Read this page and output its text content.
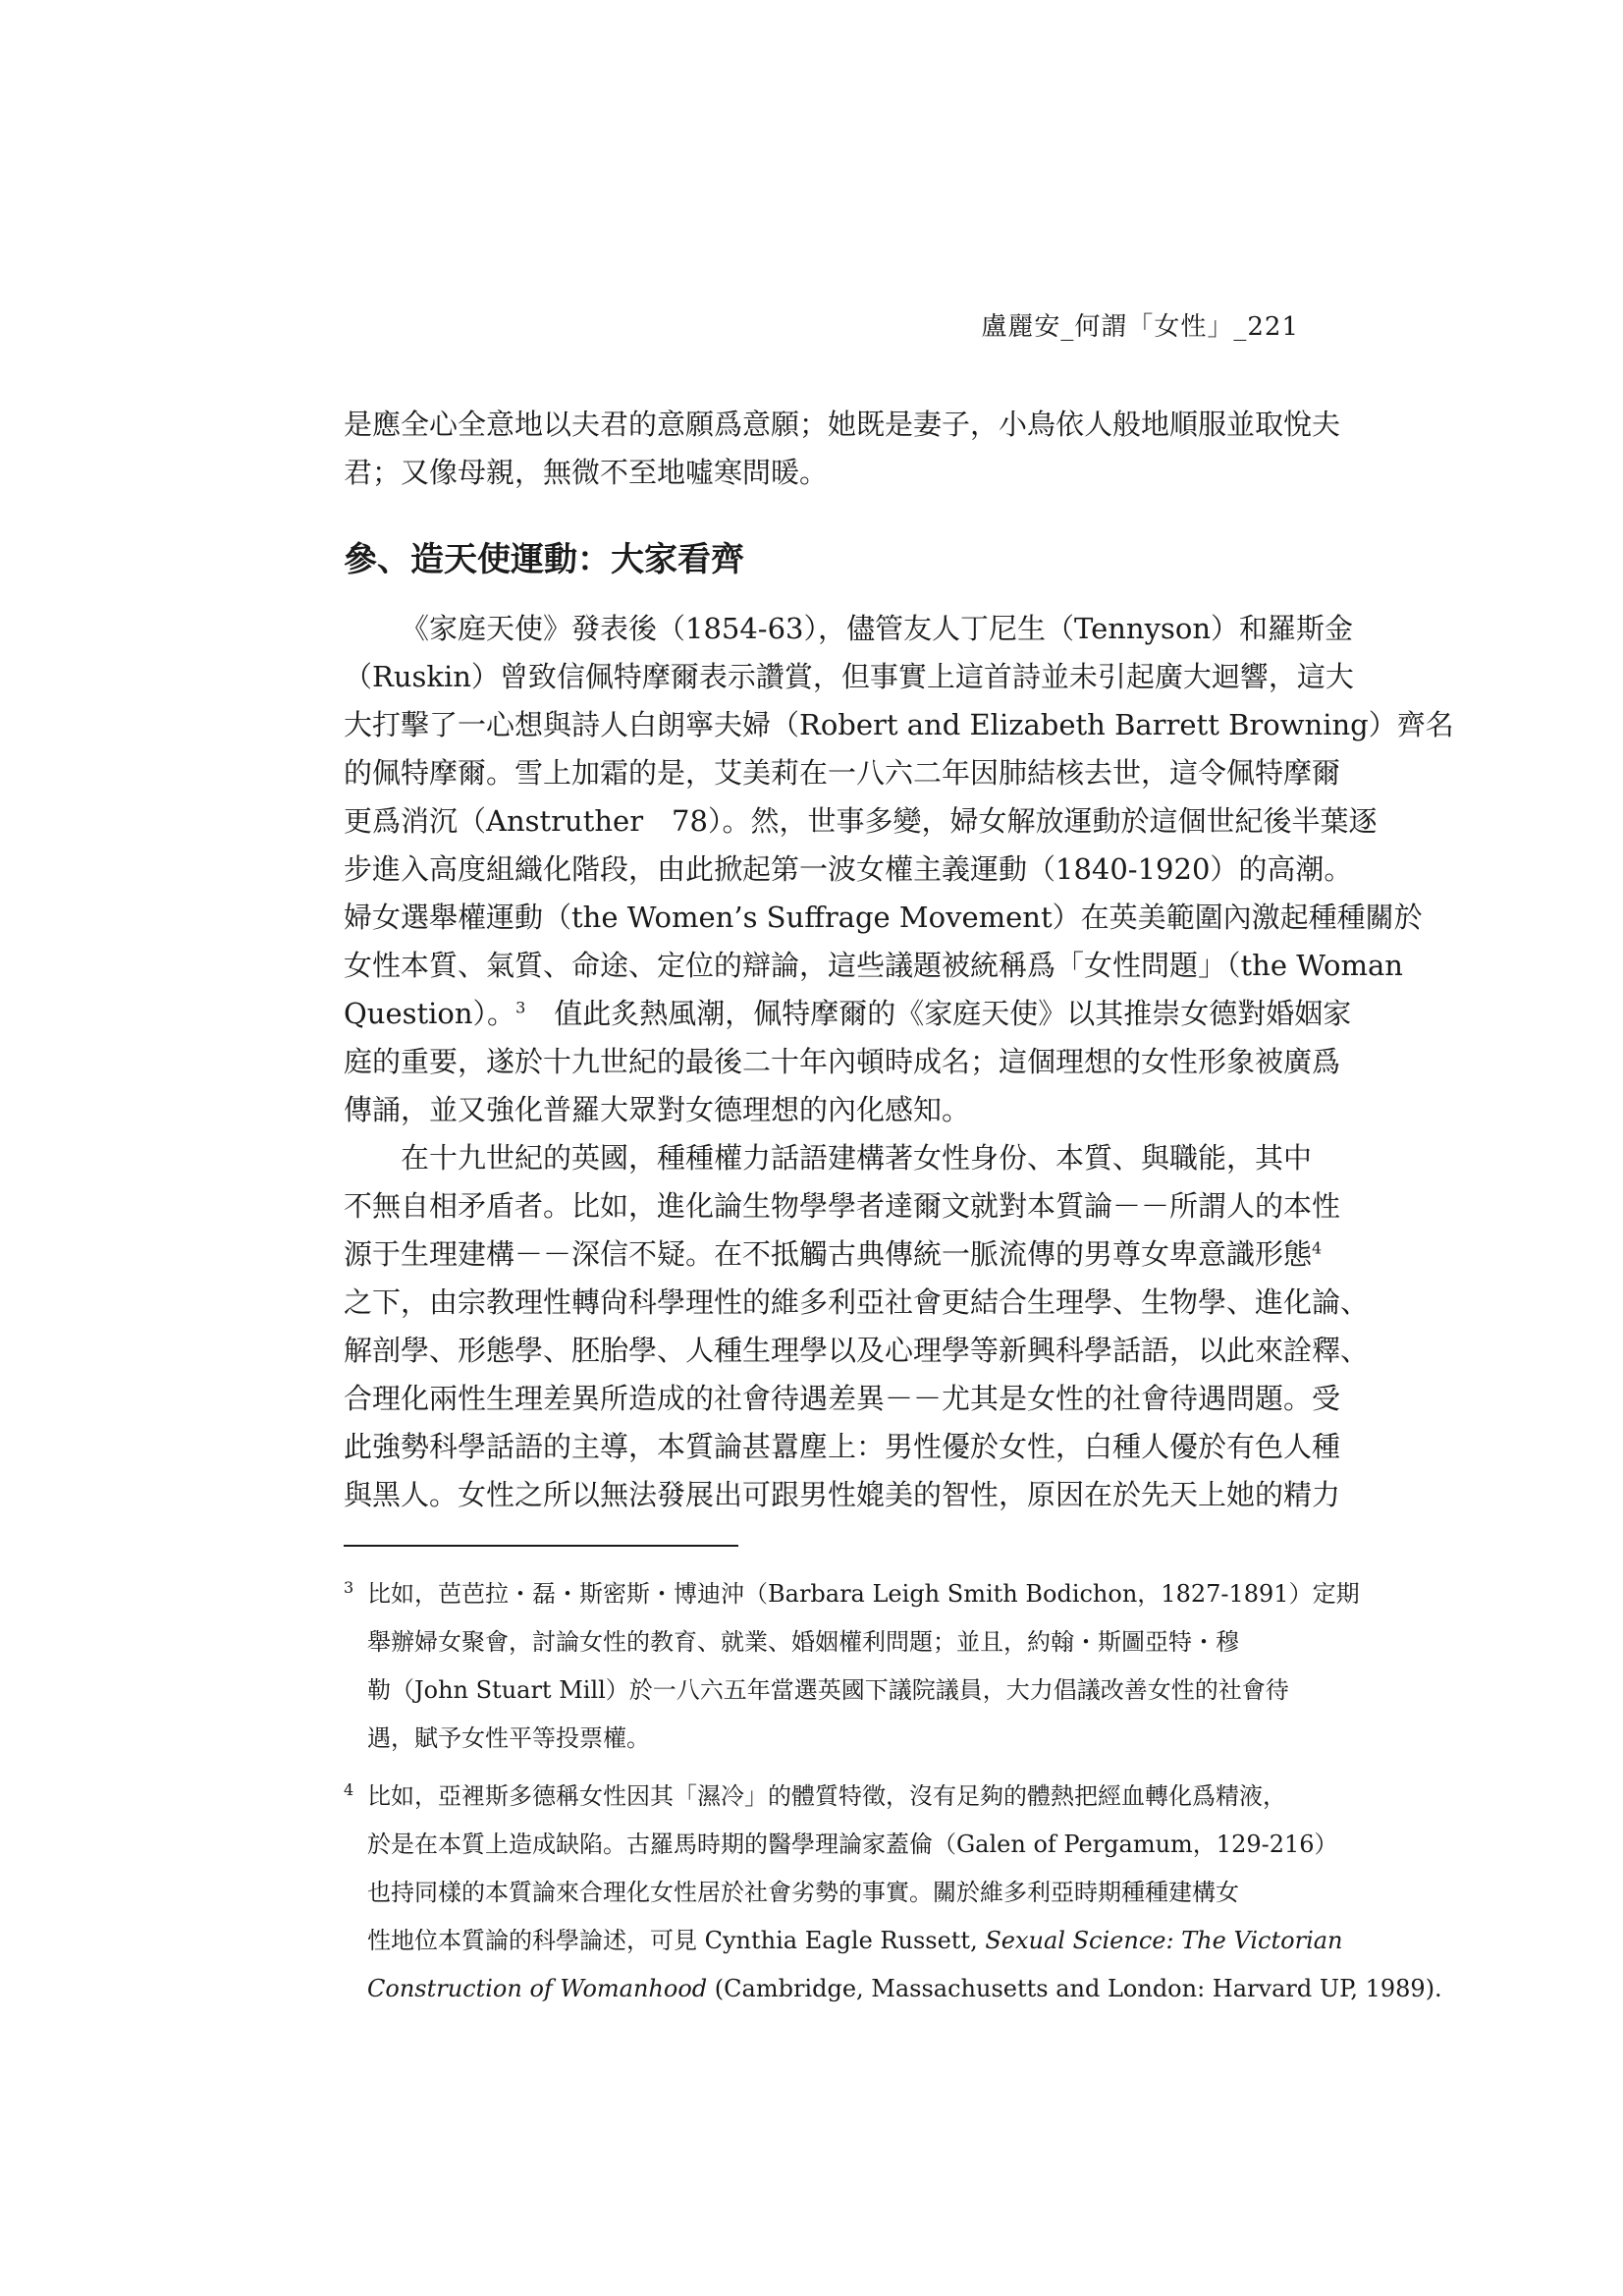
盧麗安_何謂「女性」_221
是應全心全意地以夫君的意願爲意願；她既是妻子，小鳥依人般地順服並取悅夫
君；又像母親，無微不至地噓寒問暖。
參、造天使運動：大家看齊
《家庭天使》發表後（1854-63），儘管友人丁尼生（Tennyson）和羅斯金
（Ruskin）曾致信佩特摩爾表示讚賞，但事實上這首詩並未引起廣大迴響，這大
大打擊了一心想與詩人白朗寧夫婦（Robert and Elizabeth Barrett Browning）齊名
的佩特摩爾。雪上加霜的是，艾美莉在一八六二年因肺結核去世，這令佩特摩爾
更爲消沉（Anstruther　78）。然，世事多變，婦女解放運動於這個世紀後半葉逐
步進入高度組織化階段，由此掀起第一波女權主義運動（1840-1920）的高潮。
婦女選舉權運動（the Women’s Suffrage Movement）在英美範圍內激起種種關於
女性本質、氣質、命途、定位的辯論，這些議題被統稱爲「女性問題」（the Woman
Question）。$^3$　值此炙熱風潮，佩特摩爾的《家庭天使》以其推崇女德對婚姻家
庭的重要，遂於十九世紀的最後二十年內頓時成名；這個理想的女性形象被廣爲
傳誦，並又強化普羅大眾對女德理想的內化感知。
在十九世紀的英國，種種權力話語建構著女性身份、本質、與職能，其中
不無自相矛盾者。比如，進化論生物學學者達爾文就對本質論－－所謂人的本性
源于生理建構－－深信不疑。在不抵觸古典傳統一脈流傳的男尊女卑意識形態$^4$
之下，由宗教理性轉尙科學理性的維多利亞社會更結合生理學、生物學、進化論、
解剖學、形態學、胚胎學、人種生理學以及心理學等新興科學話語，以此來詮釋、
合理化兩性生理差異所造成的社會待遇差異－－尤其是女性的社會待遇問題。受
此強勢科學話語的主導，本質論甚囂塵上：男性優於女性，白種人優於有色人種
與黑人。女性之所以無法發展出可跟男性媲美的智性，原因在於先天上她的精力
$^3$ 比如，芭芭拉・磊・斯密斯・博迪沖（Barbara Leigh Smith Bodichon，1827-1891）定期
舉辦婦女聚會，討論女性的教育、就業、婚姻權利問題；並且，約翰・斯圖亞特・穆
勒（John Stuart Mill）於一八六五年當選英國下議院議員，大力倡議改善女性的社會待
遇，賦予女性平等投票權。
$^4$ 比如，亞裡斯多德稱女性因其「濕冷」的體質特徵，沒有足夠的體熱把經血轉化爲精液，
於是在本質上造成缺陷。古羅馬時期的醫學理論家蓋倫（Galen of Pergamum，129-216）
也持同樣的本質論來合理化女性居於社會劣勢的事實。關於維多利亞時期種種建構女
性地位本質論的科學論述，可見 Cynthia Eagle Russett, Sexual Science: The Victorian
Construction of Womanhood (Cambridge, Massachusetts and London: Harvard UP, 1989).
